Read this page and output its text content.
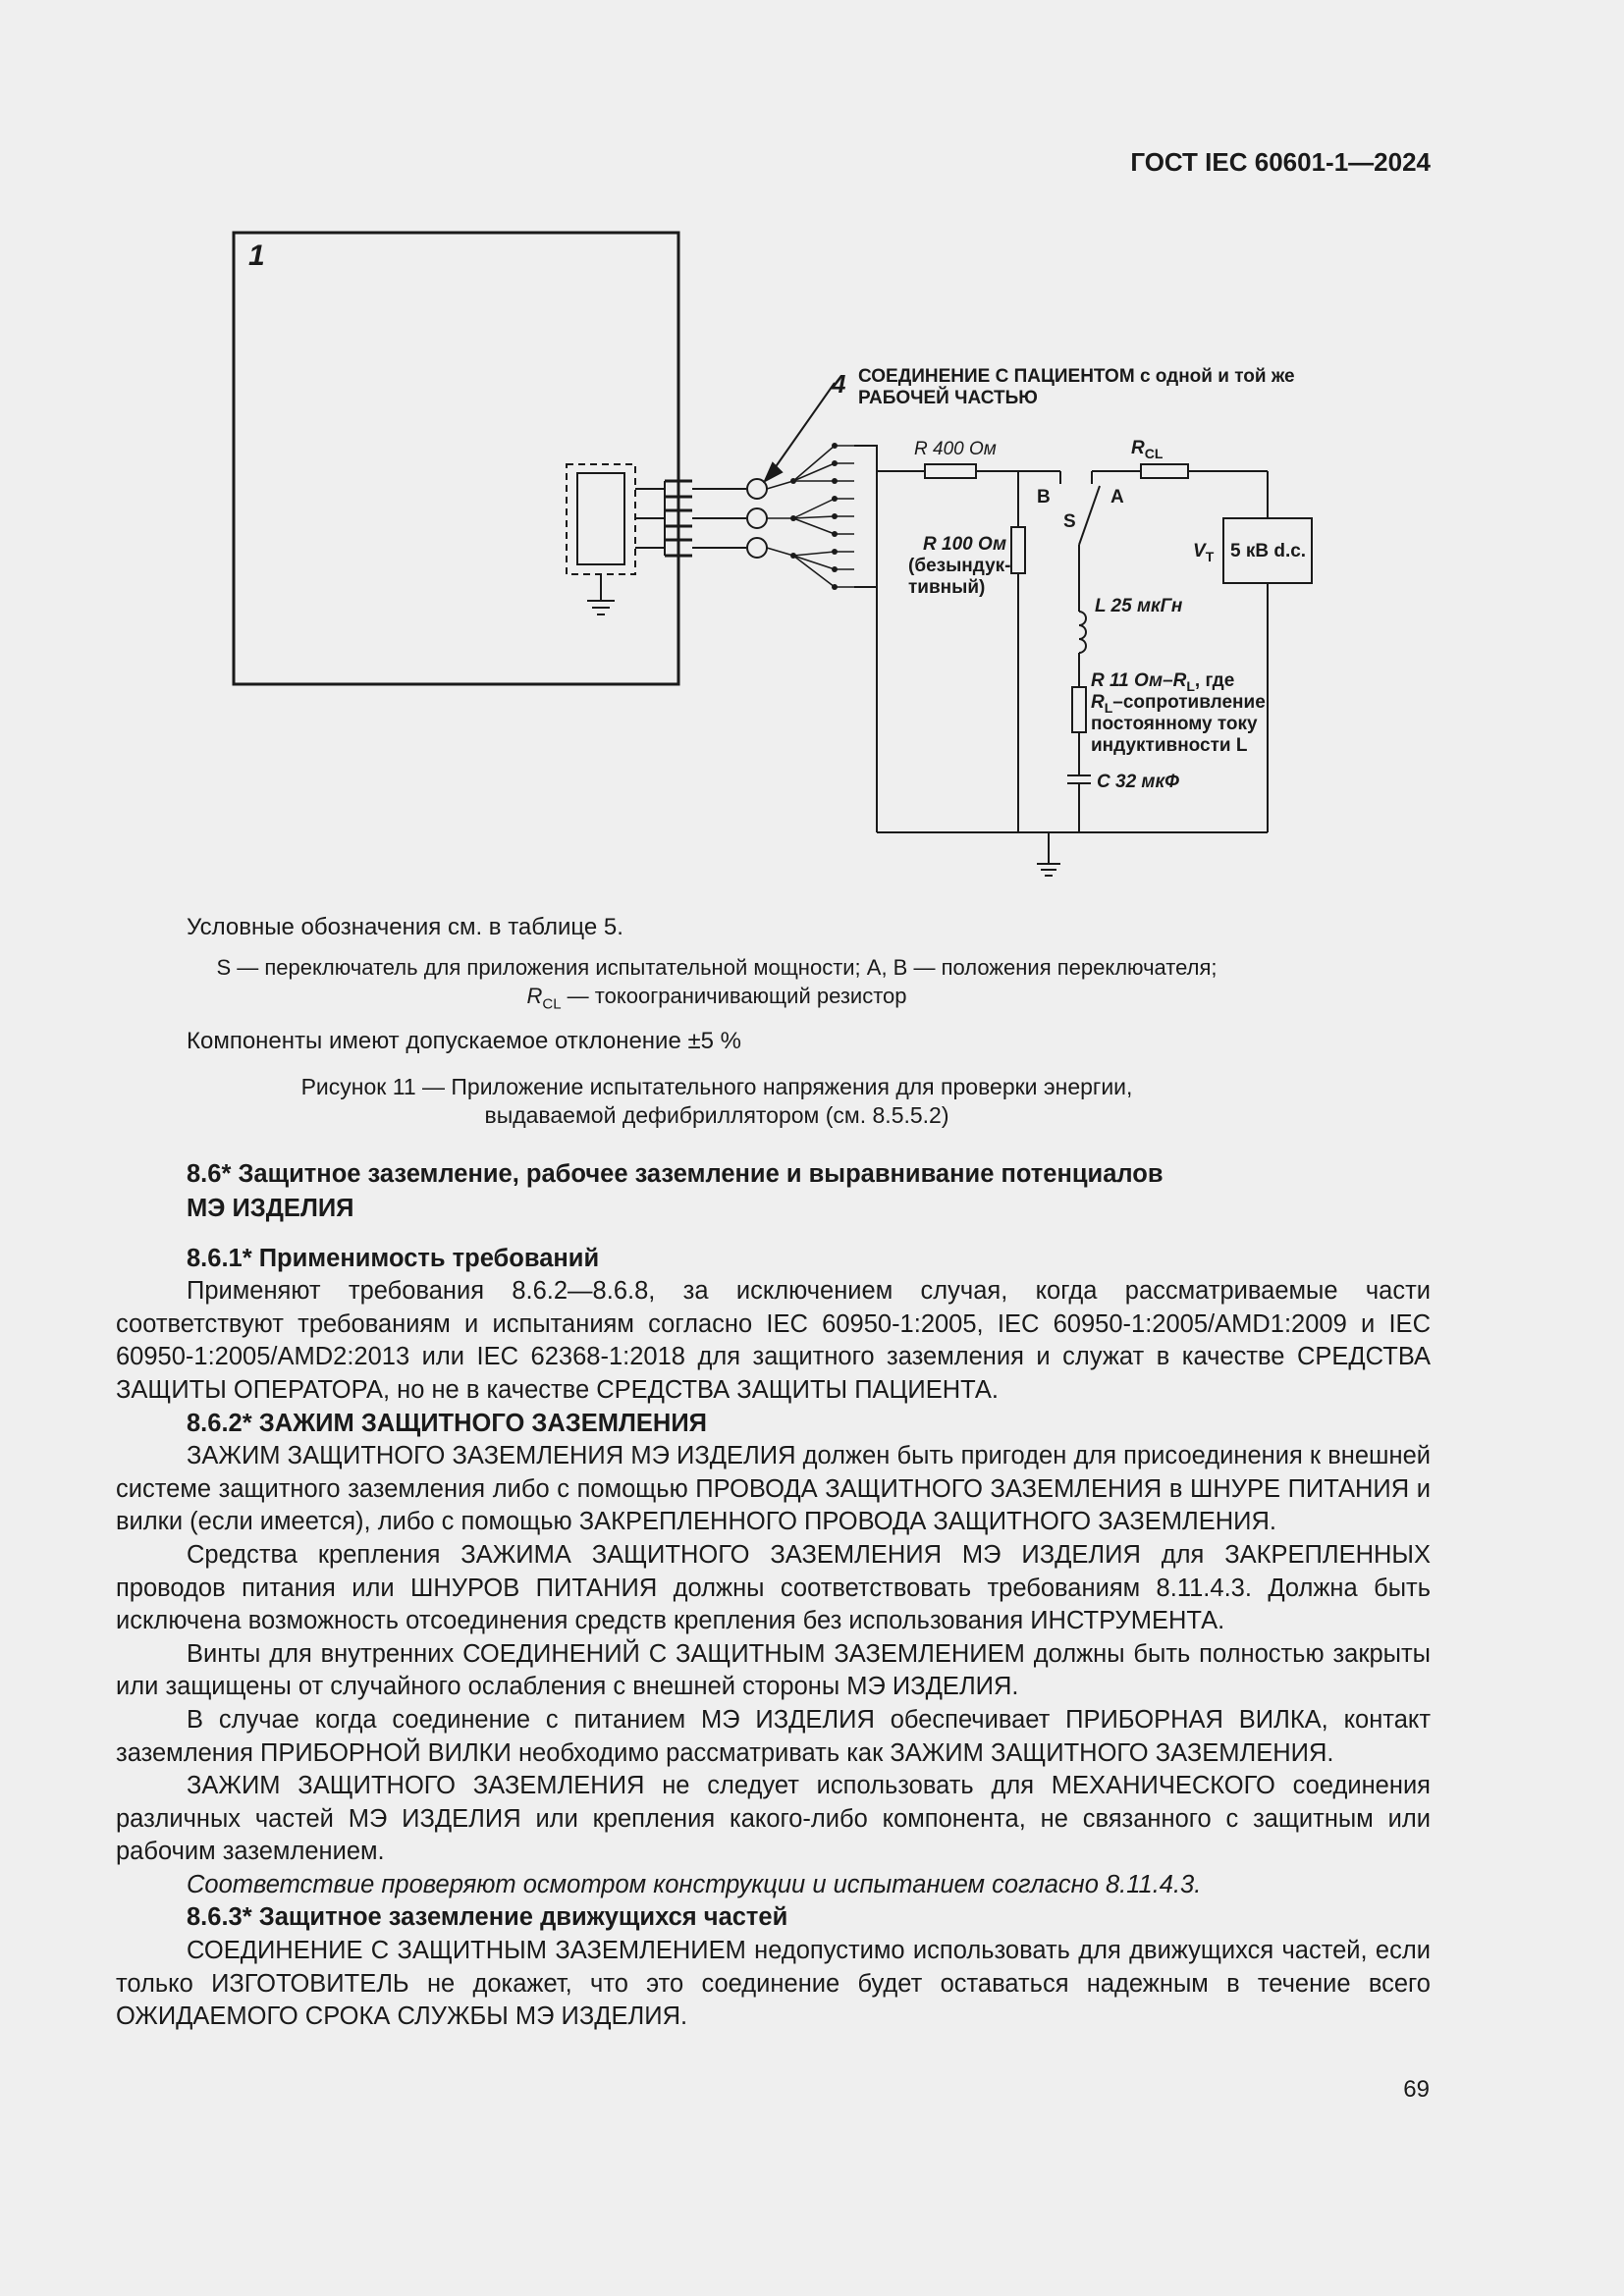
ГОСТ IEC 60601-1—2024
1
4 СОЕДИНЕНИЕ С ПАЦИЕНТОМ с одной и той же
РАБОЧЕЙ ЧАСТЬЮ
R 400 Ом
R 100 Ом
(безындук-
тивный)
B	A
S
$R_{CL}$
5 кВ d.c.
$V_T$
L 25 мкГн
R 11 $Ом-R_L$, где
$R_L$–сопротивление
постоянному току
индуктивности L
C 32 мкФ
Условные обозначения см. в таблице 5.
S — переключатель для приложения испытательной мощности; A, B — положения переключателя;
$R_{CL}$ — токоограничивающий резистор
Компоненты имеют допускаемое отклонение ±5 %
Рисунок 11 — Приложение испытательного напряжения для проверки энергии,
выдаваемой дефибриллятором (см. 8.5.5.2)

8.6* Защитное заземление, рабочее заземление и выравнивание потенциалов

МЭ ИЗДЕЛИЯ

8.6.1* Применимость требований

Применяют требования 8.6.2—8.6.8, за исключением случая, когда рассматриваемые части соответствуют требованиям и испытаниям согласно IEC 60950-1:2005, IEC 60950-1:2005/AMD1:2009 и IEC 60950-1:2005/AMD2:2013 или IEC 62368-1:2018 для защитного заземления и служат в качестве СРЕДСТВА ЗАЩИТЫ ОПЕРАТОРА, но не в качестве СРЕДСТВА ЗАЩИТЫ ПАЦИЕНТА.

8.6.2* ЗАЖИМ ЗАЩИТНОГО ЗАЗЕМЛЕНИЯ

ЗАЖИМ ЗАЩИТНОГО ЗАЗЕМЛЕНИЯ МЭ ИЗДЕЛИЯ должен быть пригоден для присоединения к внешней системе защитного заземления либо с помощью ПРОВОДА ЗАЩИТНОГО ЗАЗЕМЛЕНИЯ в ШНУРЕ ПИТАНИЯ и вилки (если имеется), либо с помощью ЗАКРЕПЛЕННОГО ПРОВОДА ЗАЩИТНОГО ЗАЗЕМЛЕНИЯ.

Средства крепления ЗАЖИМА ЗАЩИТНОГО ЗАЗЕМЛЕНИЯ МЭ ИЗДЕЛИЯ для ЗАКРЕПЛЕННЫХ проводов питания или ШНУРОВ ПИТАНИЯ должны соответствовать требованиям 8.11.4.3. Должна быть исключена возможность отсоединения средств крепления без использования ИНСТРУМЕНТА.

Винты для внутренних СОЕДИНЕНИЙ С ЗАЩИТНЫМ ЗАЗЕМЛЕНИЕМ должны быть полностью закрыты или защищены от случайного ослабления с внешней стороны МЭ ИЗДЕЛИЯ.

В случае когда соединение с питанием МЭ ИЗДЕЛИЯ обеспечивает ПРИБОРНАЯ ВИЛКА, контакт заземления ПРИБОРНОЙ ВИЛКИ необходимо рассматривать как ЗАЖИМ ЗАЩИТНОГО ЗАЗЕМЛЕНИЯ.

ЗАЖИМ ЗАЩИТНОГО ЗАЗЕМЛЕНИЯ не следует использовать для МЕХАНИЧЕСКОГО соединения различных частей МЭ ИЗДЕЛИЯ или крепления какого-либо компонента, не связанного с защитным или рабочим заземлением.

Соответствие проверяют осмотром конструкции и испытанием согласно 8.11.4.3.

8.6.3* Защитное заземление движущихся частей

СОЕДИНЕНИЕ С ЗАЩИТНЫМ ЗАЗЕМЛЕНИЕМ недопустимо использовать для движущихся частей, если только ИЗГОТОВИТЕЛЬ не докажет, что это соединение будет оставаться надежным в течение всего ОЖИДАЕМОГО СРОКА СЛУЖБЫ МЭ ИЗДЕЛИЯ.

69
